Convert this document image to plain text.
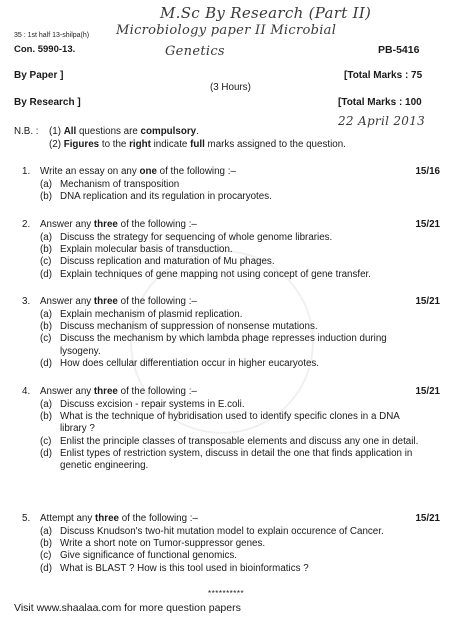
M.Sc By Research (Part II)
Microbiology paper II Microbial
Genetics
22 April 2013
35 : 1st half 13-shilpa(h)
Con. 5990-13.	PB-5416
By Paper ]	[Total Marks : 75
(3 Hours)
By Research ]	[Total Marks : 100
N.B. : (1) All questions are compulsory.
(2) Figures to the right indicate full marks assigned to the question.
1. Write an essay on any one of the following :–	15/16
(a) Mechanism of transposition
(b) DNA replication and its regulation in procaryotes.
2. Answer any three of the following :–	15/21
(a) Discuss the strategy for sequencing of whole genome libraries.
(b) Explain molecular basis of transduction.
(c) Discuss replication and maturation of Mu phages.
(d) Explain techniques of gene mapping not using concept of gene transfer.
3. Answer any three of the following :–	15/21
(a) Explain mechanism of plasmid replication.
(b) Discuss mechanism of suppression of nonsense mutations.
(c) Discuss the mechanism by which lambda phage represses induction during lysogeny.
(d) How does cellular differentiation occur in higher eucaryotes.
4. Answer any three of the following :–	15/21
(a) Discuss excision - repair systems in E.coli.
(b) What is the technique of hybridisation used to identify specific clones in a DNA library ?
(c) Enlist the principle classes of transposable elements and discuss any one in detail.
(d) Enlist types of restriction system, discuss in detail the one that finds application in genetic engineering.
5. Attempt any three of the following :–	15/21
(a) Discuss Knudson's two-hit mutation model to explain occurence of Cancer.
(b) Write a short note on Tumor-suppressor genes.
(c) Give significance of functional genomics.
(d) What is BLAST ? How is this tool used in bioinformatics ?
**********
Visit www.shaalaa.com for more question papers
